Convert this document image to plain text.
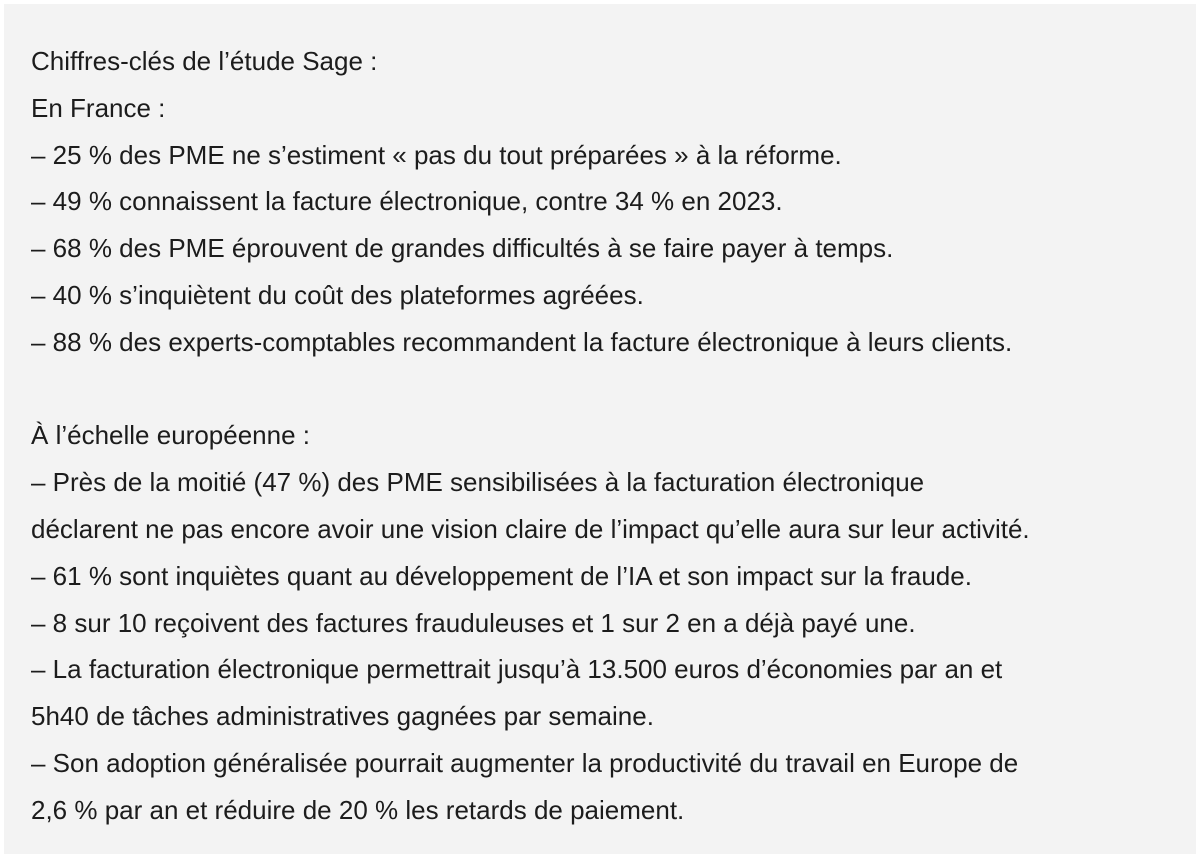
Chiffres-clés de l’étude Sage :
En France :
– 25 % des PME ne s’estiment « pas du tout préparées » à la réforme.
– 49 % connaissent la facture électronique, contre 34 % en 2023.
– 68 % des PME éprouvent de grandes difficultés à se faire payer à temps.
– 40 % s’inquiètent du coût des plateformes agréées.
– 88 % des experts-comptables recommandent la facture électronique à leurs clients.
À l’échelle européenne :
– Près de la moitié (47 %) des PME sensibilisées à la facturation électronique
déclarent ne pas encore avoir une vision claire de l’impact qu’elle aura sur leur activité.
– 61 % sont inquiètes quant au développement de l’IA et son impact sur la fraude.
– 8 sur 10 reçoivent des factures frauduleuses et 1 sur 2 en a déjà payé une.
– La facturation électronique permettrait jusqu’à 13.500 euros d’économies par an et
5h40 de tâches administratives gagnées par semaine.
– Son adoption généralisée pourrait augmenter la productivité du travail en Europe de
2,6 % par an et réduire de 20 % les retards de paiement.
